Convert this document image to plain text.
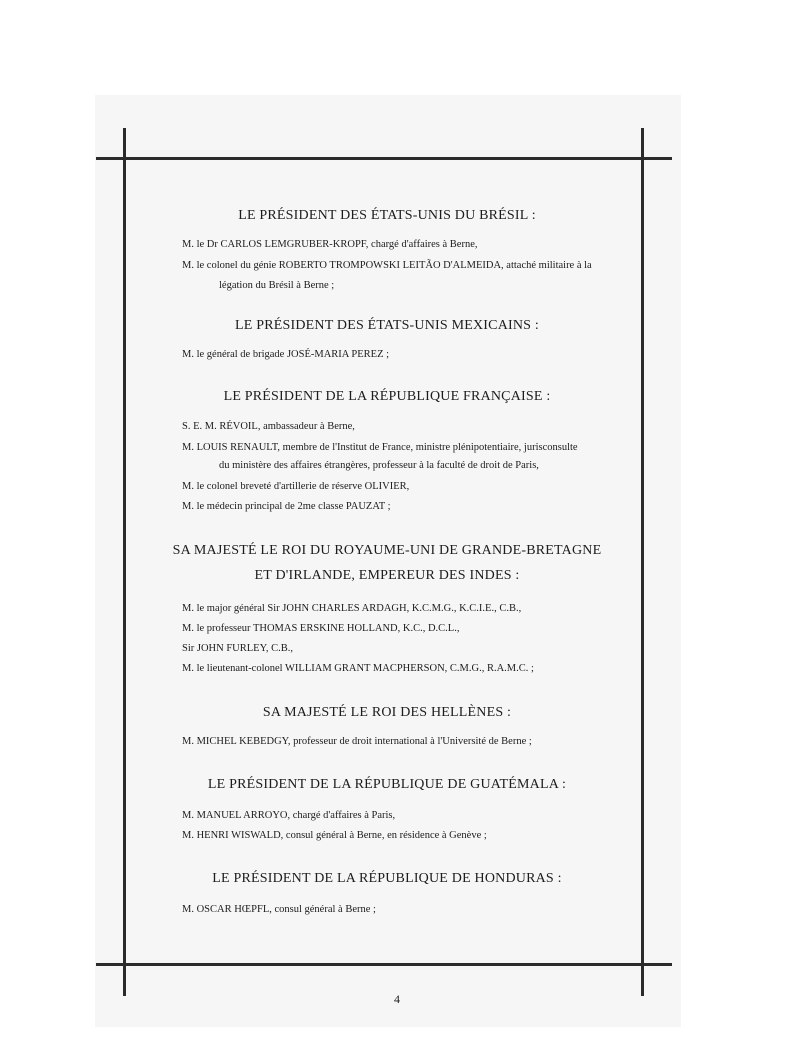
LE PRÉSIDENT DES ÉTATS-UNIS DU BRÉSIL :
M. le Dr CARLOS LEMGRUBER-KROPF, chargé d'affaires à Berne,
M. le colonel du génie ROBERTO TROMPOWSKI LEITÃO D'ALMEIDA, attaché militaire à la
légation du Brésil à Berne ;
LE PRÉSIDENT DES ÉTATS-UNIS MEXICAINS :
M. le général de brigade JOSÉ-MARIA PEREZ ;
LE PRÉSIDENT DE LA RÉPUBLIQUE FRANÇAISE :
S. E. M. RÉVOIL, ambassadeur à Berne,
M. LOUIS RENAULT, membre de l'Institut de France, ministre plénipotentiaire, jurisconsulte
du ministère des affaires étrangères, professeur à la faculté de droit de Paris,
M. le colonel breveté d'artillerie de réserve OLIVIER,
M. le médecin principal de 2me classe PAUZAT ;
SA MAJESTÉ LE ROI DU ROYAUME-UNI DE GRANDE-BRETAGNE
ET D'IRLANDE, EMPEREUR DES INDES :
M. le major général Sir JOHN CHARLES ARDAGH, K.C.M.G., K.C.I.E., C.B.,
M. le professeur THOMAS ERSKINE HOLLAND, K.C., D.C.L.,
Sir JOHN FURLEY, C.B.,
M. le lieutenant-colonel WILLIAM GRANT MACPHERSON, C.M.G., R.A.M.C. ;
SA MAJESTÉ LE ROI DES HELLÈNES :
M. MICHEL KEBEDGY, professeur de droit international à l'Université de Berne ;
LE PRÉSIDENT DE LA RÉPUBLIQUE DE GUATÉMALA :
M. MANUEL ARROYO, chargé d'affaires à Paris,
M. HENRI WISWALD, consul général à Berne, en résidence à Genève ;
LE PRÉSIDENT DE LA RÉPUBLIQUE DE HONDURAS :
M. OSCAR HŒPFL, consul général à Berne ;
4
